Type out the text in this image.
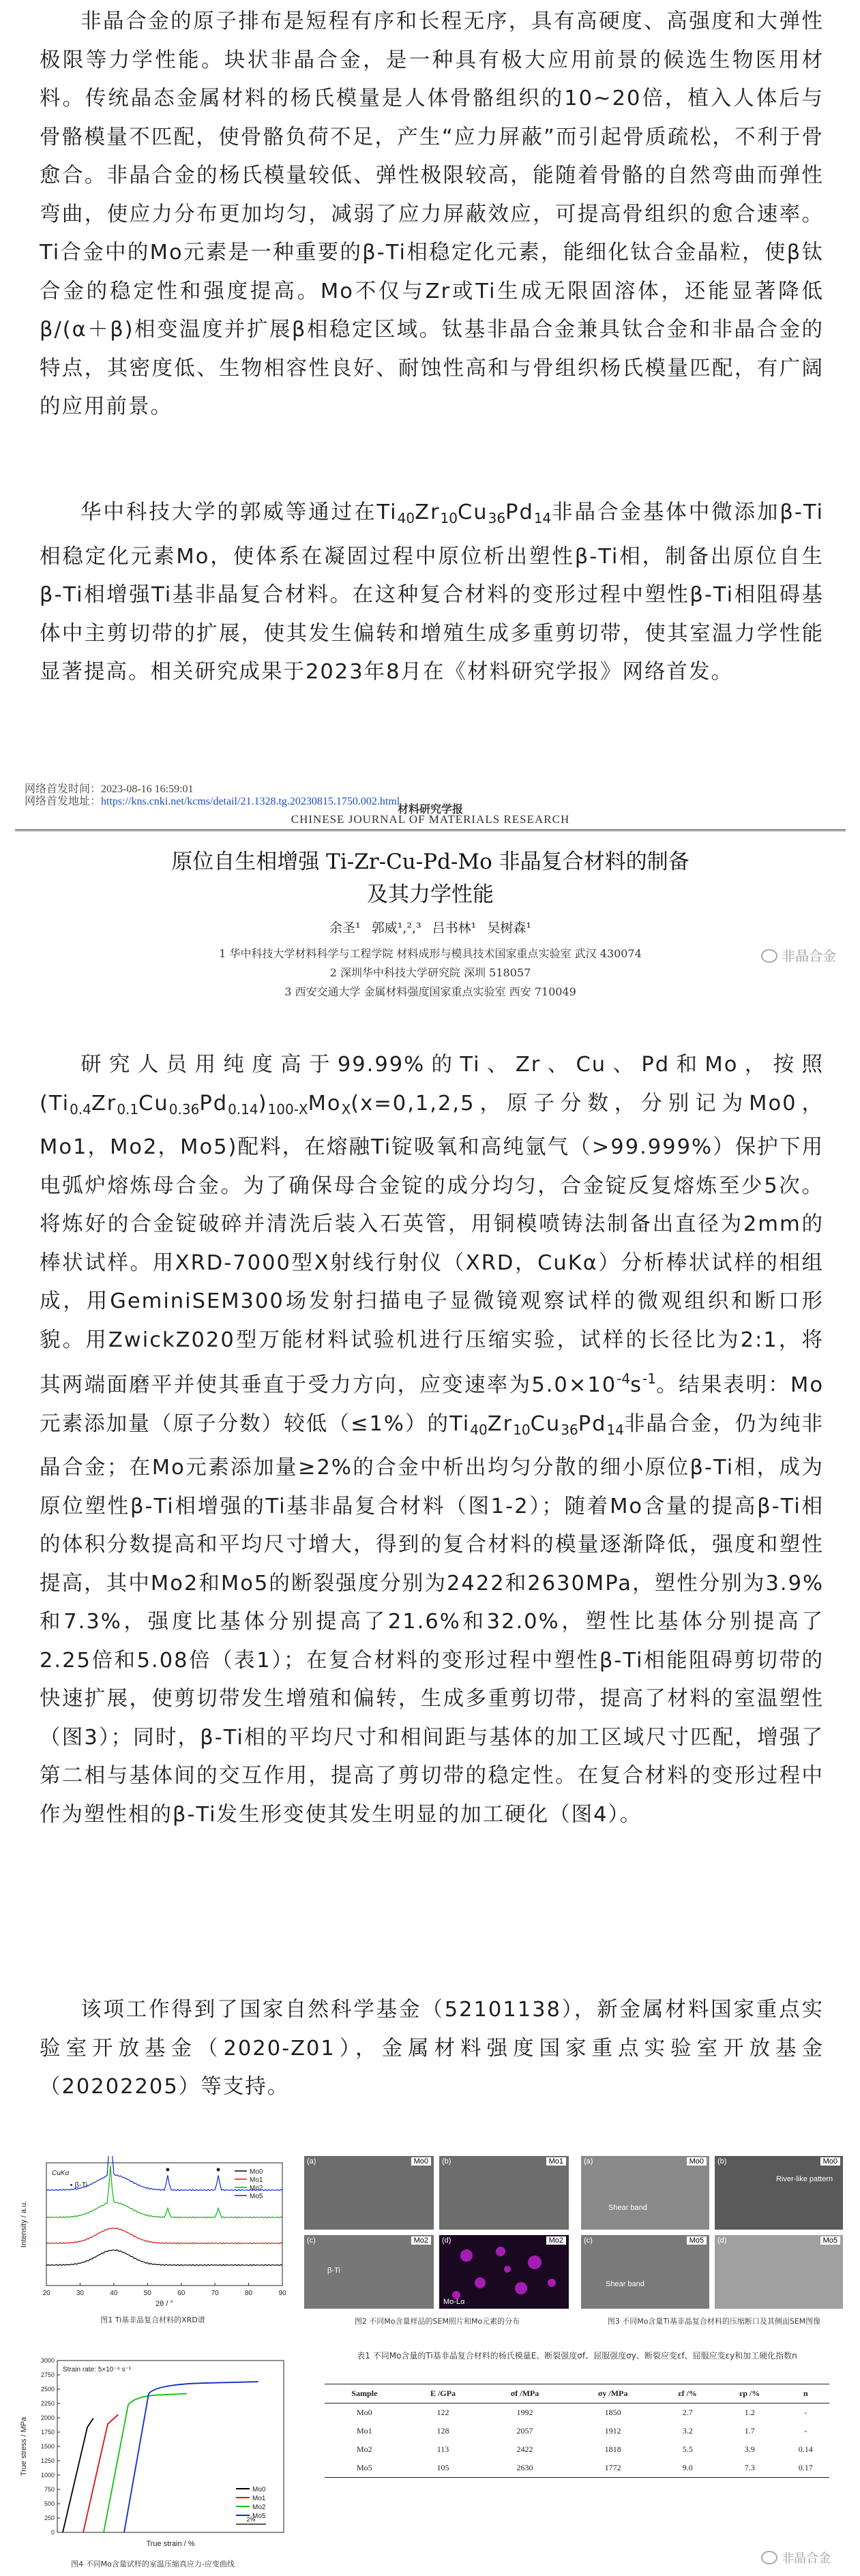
非晶合金的原子排布是短程有序和长程无序，具有高硬度、高强度和大弹性极限等力学性能。块状非晶合金，是一种具有极大应用前景的候选生物医用材料。传统晶态金属材料的杨氏模量是人体骨骼组织的10~20倍，植入人体后与骨骼模量不匹配，使骨骼负荷不足，产生“应力屏蔽”而引起骨质疏松，不利于骨愈合。非晶合金的杨氏模量较低、弹性极限较高，能随着骨骼的自然弯曲而弹性弯曲，使应力分布更加均匀，减弱了应力屏蔽效应，可提高骨组织的愈合速率。Ti合金中的Mo元素是一种重要的β-Ti相稳定化元素，能细化钛合金晶粒，使β钛合金的稳定性和强度提高。Mo不仅与Zr或Ti生成无限固溶体，还能显著降低β/(α＋β)相变温度并扩展β相稳定区域。钛基非晶合金兼具钛合金和非晶合金的特点，其密度低、生物相容性良好、耐蚀性高和与骨组织杨氏模量匹配，有广阔的应用前景。
华中科技大学的郭威等通过在$Ti_{40}Zr_{10}Cu_{36}Pd_{14}$非晶合金基体中微添加β-Ti相稳定化元素Mo，使体系在凝固过程中原位析出塑性β-Ti相，制备出原位自生β-Ti相增强Ti基非晶复合材料。在这种复合材料的变形过程中塑性β-Ti相阻碍基体中主剪切带的扩展，使其发生偏转和增殖生成多重剪切带，使其室温力学性能显著提高。相关研究成果于2023年8月在《材料研究学报》网络首发。
网络首发时间：2023-08-16 16:59:01
网络首发地址：https://kns.cnki.net/kcms/detail/21.1328.tg.20230815.1750.002.html
材料研究学报
CHINESE JOURNAL OF MATERIALS RESEARCH
原位自生相增强 Ti-Zr-Cu-Pd-Mo 非晶复合材料的制备
及其力学性能
余圣¹ 郭威¹,²,³ 吕书林¹ 吴树森¹
1 华中科技大学材料科学与工程学院 材料成形与模具技术国家重点实验室 武汉 430074
2 深圳华中科技大学研究院 深圳 518057
3 西安交通大学 金属材料强度国家重点实验室 西安 710049
非晶合金
研究人员用纯度高于99.99%的Ti、Zr、Cu、Pd和Mo，按照$(Ti_{0.4}Zr_{0.1}Cu_{0.36}Pd_{0.14})_{100-X}Mo_X(x=0,1,2,5$，原子分数，分别记为Mo0，Mo1，Mo2，Mo5)配料，在熔融Ti锭吸氧和高纯氩气（>99.999%）保护下用电弧炉熔炼母合金。为了确保母合金锭的成分均匀，合金锭反复熔炼至少5次。将炼好的合金锭破碎并清洗后装入石英管，用铜模喷铸法制备出直径为2mm的棒状试样。用XRD-7000型X射线行射仪（XRD，CuKα）分析棒状试样的相组成，用GeminiSEM300场发射扫描电子显微镜观察试样的微观组织和断口形貌。用ZwickZ020型万能材料试验机进行压缩实验，试样的长径比为2:1，将其两端面磨平并使其垂直于受力方向，应变速率为$5.0\times 10^{-4}s^{-1}$。结果表明：Mo元素添加量（原子分数）较低（≤1%）的$Ti_{40}Zr_{10}Cu_{36}Pd_{14}$非晶合金，仍为纯非晶合金；在Mo元素添加量≥2%的合金中析出均匀分散的细小原位β-Ti相，成为原位塑性β-Ti相增强的Ti基非晶复合材料（图1-2）；随着Mo含量的提高β-Ti相的体积分数提高和平均尺寸增大，得到的复合材料的模量逐渐降低，强度和塑性提高，其中Mo2和Mo5的断裂强度分别为2422和2630MPa，塑性分别为3.9%和7.3%，强度比基体分别提高了21.6%和32.0%，塑性比基体分别提高了2.25倍和5.08倍（表1）；在复合材料的变形过程中塑性β-Ti相能阻碍剪切带的快速扩展，使剪切带发生增殖和偏转，生成多重剪切带，提高了材料的室温塑性（图3）；同时，β-Ti相的平均尺寸和相间距与基体的加工区域尺寸匹配，增强了第二相与基体间的交互作用，提高了剪切带的稳定性。在复合材料的变形过程中作为塑性相的β-Ti发生形变使其发生明显的加工硬化（图4）。
该项工作得到了国家自然科学基金（52101138），新金属材料国家重点实验室开放基金（2020-Z01），金属材料强度国家重点实验室开放基金（20202205）等支持。
20	30	40	50	60	70	80	90
2θ / °
Intensity / a.u.
CuKα	Mo0
Mo1
Mo2
Mo5
• β-Ti
图1 Ti基非晶复合材料的XRD谱
0
250
500
750
1000
1250
1500
1750
2000
2250
2500
2750
3000
True stress / MPa
True strain / %
Strain rate: 5×10⁻⁴ s⁻¹
Mo0
Mo1
Mo2
Mo5
2%
图4 不同Mo含量试样的室温压缩真应力-应变曲线
(a)	Mo0	(b)	Mo1
(c)	Mo2
β-Ti
(d)	Mo2
Mo-Lα
图2 不同Mo含量样品的SEM照片和Mo元素的分布
(a)	Mo0
Shear band
(b)	Mo0
River-like pattern
(c)	Mo5
Shear band
(d)	Mo5
图3 不同Mo含量Ti基非晶复合材料的压缩断口及其侧面SEM图像
表1 不同Mo含量的Ti基非晶复合材料的杨氏模量E、断裂强度σf、屈服强度σy、断裂应变εf、屈服应变εy和加工硬化指数n
Sample	E /GPa	σf /MPa	σy /MPa	εf /%	εp /%	n
Mo0	122	1992	1850	2.7	1.2	-
Mo1	128	2057	1912	3.2	1.7	-
Mo2	113	2422	1818	5.5	3.9	0.14
Mo5	105	2630	1772	9.0	7.3	0.17
非晶合金
